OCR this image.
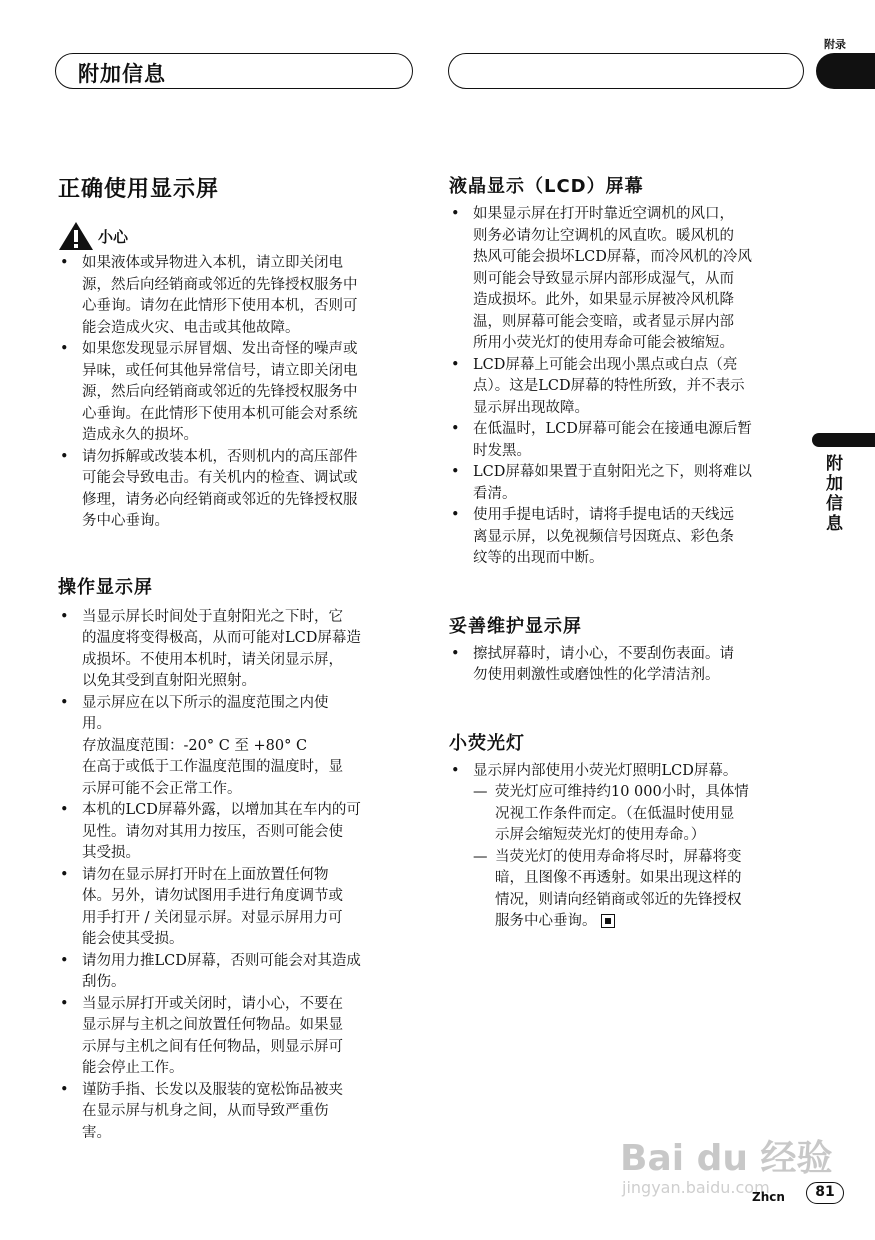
附加信息
附录
附加信息
正确使用显示屏
小心
• 如果液体或异物进入本机，请立即关闭电
源，然后向经销商或邻近的先锋授权服务中
心垂询。请勿在此情形下使用本机，否则可
能会造成火灾、电击或其他故障。
• 如果您发现显示屏冒烟、发出奇怪的噪声或
异味，或任何其他异常信号，请立即关闭电
源，然后向经销商或邻近的先锋授权服务中
心垂询。在此情形下使用本机可能会对系统
造成永久的损坏。
• 请勿拆解或改装本机，否则机内的高压部件
可能会导致电击。有关机内的检查、调试或
修理，请务必向经销商或邻近的先锋授权服
务中心垂询。
操作显示屏
• 当显示屏长时间处于直射阳光之下时，它
的温度将变得极高，从而可能对LCD屏幕造
成损坏。不使用本机时，请关闭显示屏，
以免其受到直射阳光照射。
• 显示屏应在以下所示的温度范围之内使
用。
存放温度范围：-20° C 至 +80° C
在高于或低于工作温度范围的温度时，显
示屏可能不会正常工作。
• 本机的LCD屏幕外露，以增加其在车内的可
见性。请勿对其用力按压，否则可能会使
其受损。
• 请勿在显示屏打开时在上面放置任何物
体。另外，请勿试图用手进行角度调节或
用手打开 / 关闭显示屏。对显示屏用力可
能会使其受损。
• 请勿用力推LCD屏幕，否则可能会对其造成
刮伤。
• 当显示屏打开或关闭时，请小心，不要在
显示屏与主机之间放置任何物品。如果显
示屏与主机之间有任何物品，则显示屏可
能会停止工作。
• 谨防手指、长发以及服装的宽松饰品被夹
在显示屏与机身之间，从而导致严重伤
害。
液晶显示（LCD）屏幕
• 如果显示屏在打开时靠近空调机的风口，
则务必请勿让空调机的风直吹。暖风机的
热风可能会损坏LCD屏幕，而冷风机的冷风
则可能会导致显示屏内部形成湿气，从而
造成损坏。此外，如果显示屏被冷风机降
温，则屏幕可能会变暗，或者显示屏内部
所用小荧光灯的使用寿命可能会被缩短。
• LCD屏幕上可能会出现小黑点或白点（亮
点）。这是LCD屏幕的特性所致，并不表示
显示屏出现故障。
• 在低温时，LCD屏幕可能会在接通电源后暂
时发黑。
• LCD屏幕如果置于直射阳光之下，则将难以
看清。
• 使用手提电话时，请将手提电话的天线远
离显示屏，以免视频信号因斑点、彩色条
纹等的出现而中断。
妥善维护显示屏
• 擦拭屏幕时，请小心，不要刮伤表面。请
勿使用刺激性或磨蚀性的化学清洁剂。
小荧光灯
• 显示屏内部使用小荧光灯照明LCD屏幕。
— 荧光灯应可维持约10 000小时，具体情
况视工作条件而定。（在低温时使用显
示屏会缩短荧光灯的使用寿命。）
— 当荧光灯的使用寿命将尽时，屏幕将变
暗，且图像不再透射。如果出现这样的
情况，则请向经销商或邻近的先锋授权
服务中心垂询。
Bai du 经验
jingyan.baidu.com
Zhcn	81
